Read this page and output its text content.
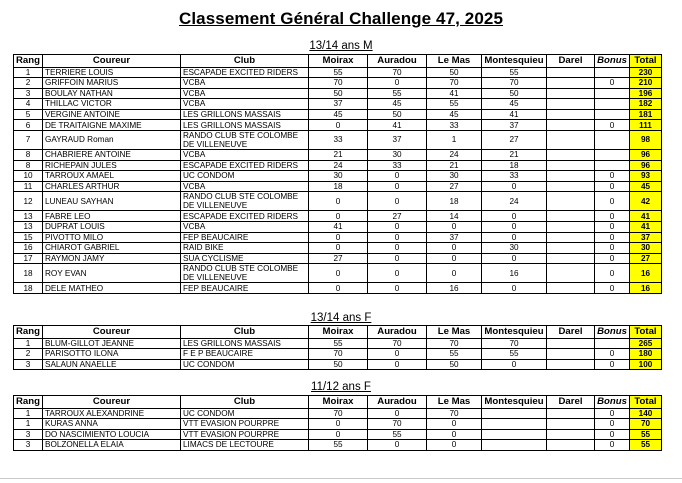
Classement Général Challenge 47, 2025
13/14 ans M
Rang	Coureur	Club	Moirax	Auradou	Le Mas	Montesquieu	Darel	Bonus	Total
1	TERRIERE LOUIS	ESCAPADE EXCITED RIDERS	55	70	50	55			230
2	GRIFFOIN MARIUS	VCBA	70	0	70	70		0	210
3	BOULAY NATHAN	VCBA	50	55	41	50			196
4	THILLAC VICTOR	VCBA	37	45	55	45			182
5	VERGINE ANTOINE	LES GRILLONS MASSAIS	45	50	45	41			181
6	DE TRAITAIGNE MAXIME	LES GRILLONS MASSAIS	0	41	33	37		0	111
7	GAYRAUD Roman	RANDO CLUB STE COLOMBE DE VILLENEUVE	33	37	1	27			98
8	CHABRIERE ANTOINE	VCBA	21	30	24	21			96
8	RICHEPAIN JULES	ESCAPADE EXCITED RIDERS	24	33	21	18			96
10	TARROUX AMAEL	UC CONDOM	30	0	30	33		0	93
11	CHARLES ARTHUR	VCBA	18	0	27	0		0	45
12	LUNEAU SAYHAN	RANDO CLUB STE COLOMBE DE VILLENEUVE	0	0	18	24		0	42
13	FABRE LEO	ESCAPADE EXCITED RIDERS	0	27	14	0		0	41
13	DUPRAT LOUIS	VCBA	41	0	0	0		0	41
15	PIVOTTO MILO	FEP BEAUCAIRE	0	0	37	0		0	37
16	CHIAROT GABRIEL	RAID BIKE	0	0	0	30		0	30
17	RAYMON JAMY	SUA CYCLISME	27	0	0	0		0	27
18	ROY EVAN	RANDO CLUB STE COLOMBE DE VILLENEUVE	0	0	0	16		0	16
18	DELE MATHEO	FEP BEAUCAIRE	0	0	16	0		0	16
13/14 ans F
Rang	Coureur	Club	Moirax	Auradou	Le Mas	Montesquieu	Darel	Bonus	Total
1	BLUM-GILLOT JEANNE	LES GRILLONS MASSAIS	55	70	70	70			265
2	PARISOTTO ILONA	F E P BEAUCAIRE	70	0	55	55		0	180
3	SALAUN ANAELLE	UC CONDOM	50	0	50	0		0	100
11/12 ans F
Rang	Coureur	Club	Moirax	Auradou	Le Mas	Montesquieu	Darel	Bonus	Total
1	TARROUX ALEXANDRINE	UC CONDOM	70	0	70			0	140
1	KURAS ANNA	VTT EVASION POURPRE	0	70	0			0	70
3	DO NASCIMIENTO LOUCIA	VTT EVASION POURPRE	0	55	0			0	55
3	BOLZONELLA ELAIA	LIMACS DE LECTOURE	55	0	0			0	55
